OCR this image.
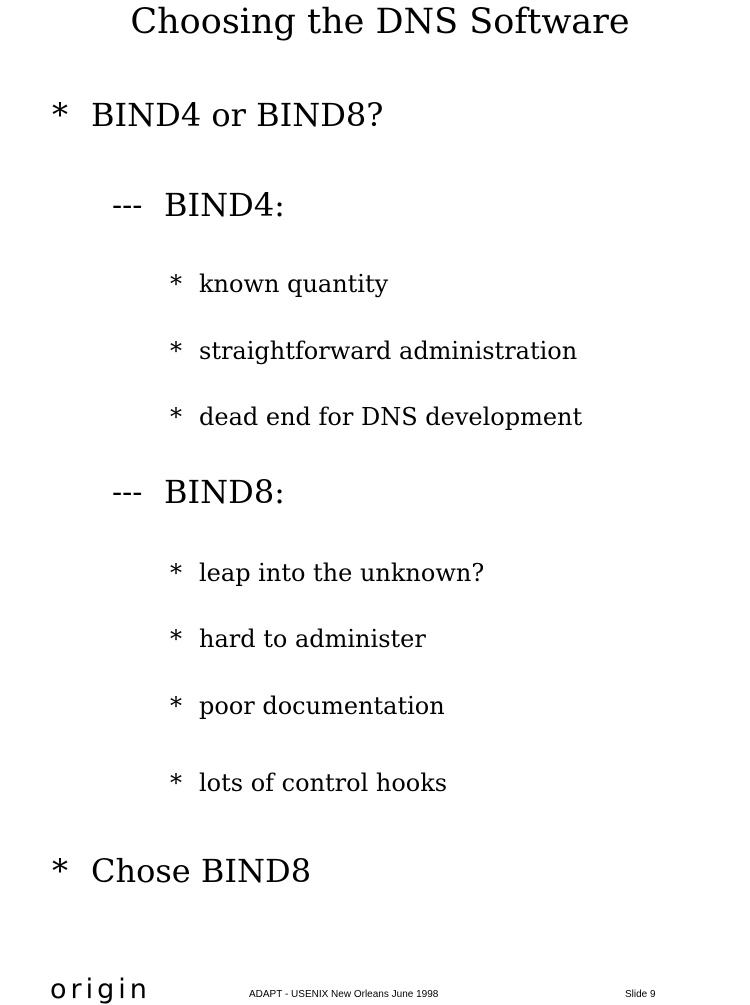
Choosing the DNS Software
* BIND4 or BIND8?
--- BIND4:
* known quantity
* straightforward administration
* dead end for DNS development
--- BIND8:
* leap into the unknown?
* hard to administer
* poor documentation
* lots of control hooks
* Chose BIND8
origin	ADAPT - USENIX New Orleans June 1998	Slide 9
